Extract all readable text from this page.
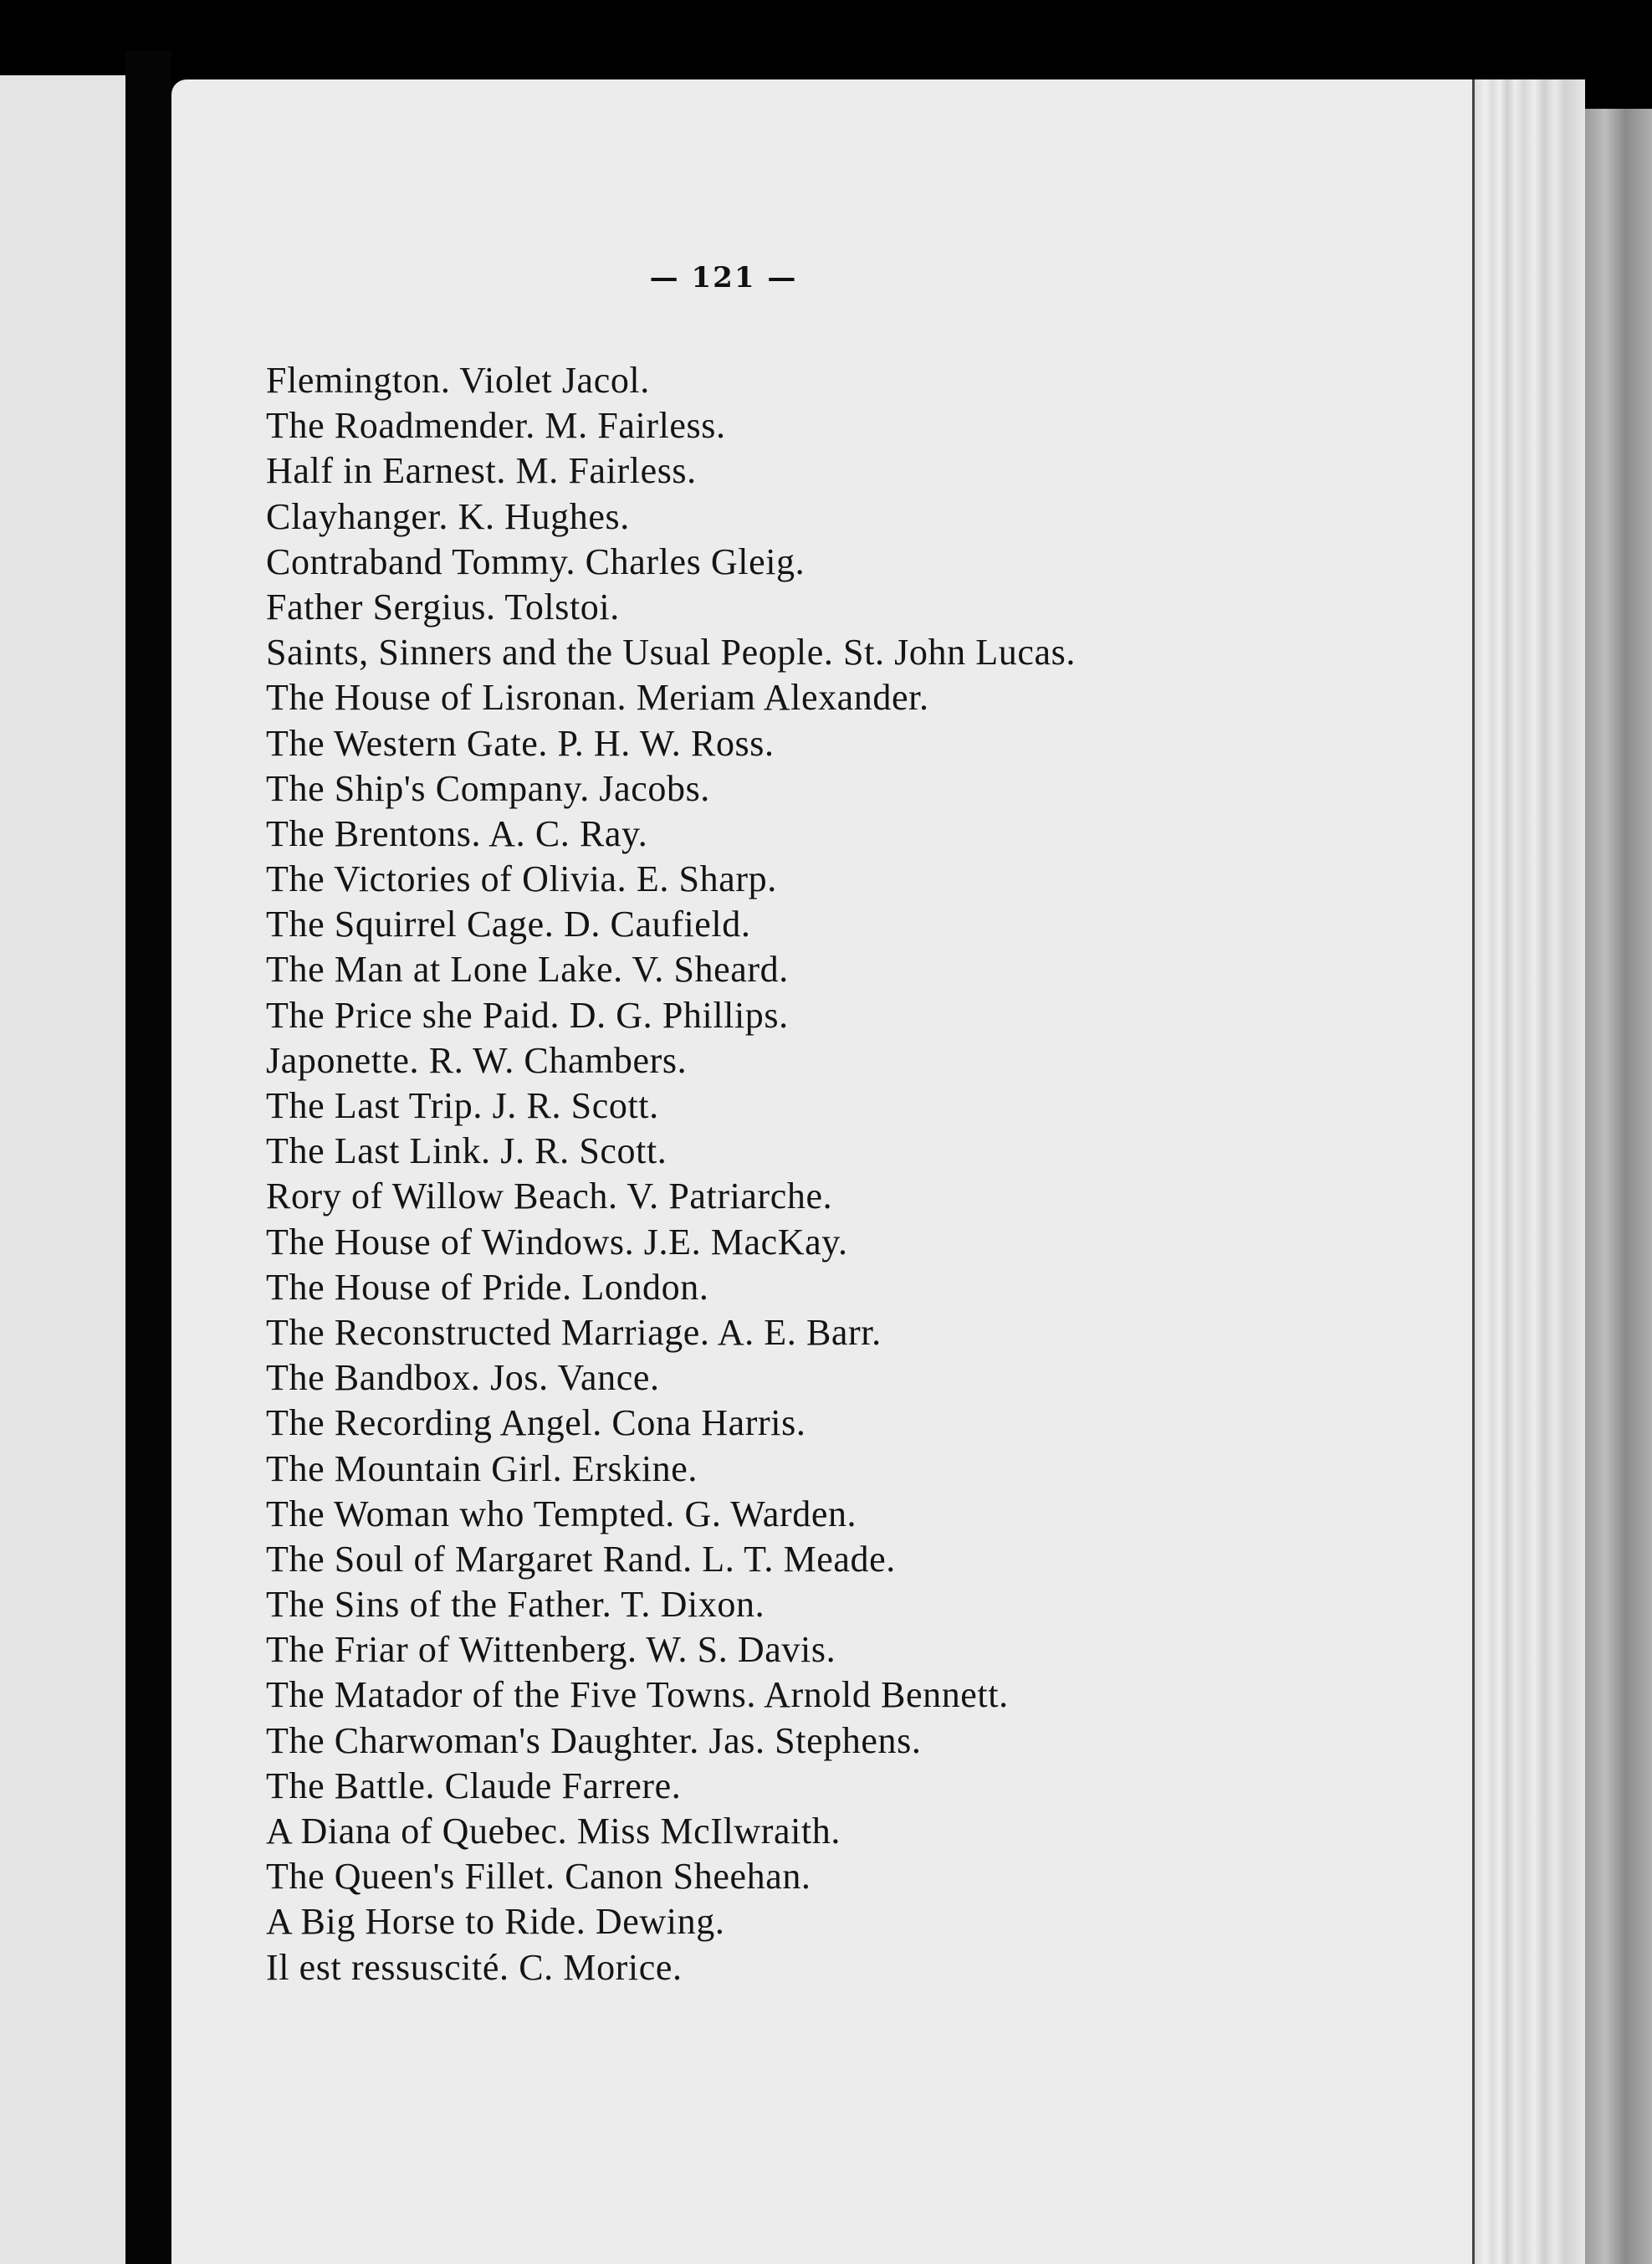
— 121 —
Flemington. Violet Jacol.
The Roadmender. M. Fairless.
Half in Earnest. M. Fairless.
Clayhanger. K. Hughes.
Contraband Tommy. Charles Gleig.
Father Sergius. Tolstoi.
Saints, Sinners and the Usual People. St. John Lucas.
The House of Lisronan. Meriam Alexander.
The Western Gate. P. H. W. Ross.
The Ship's Company. Jacobs.
The Brentons. A. C. Ray.
The Victories of Olivia. E. Sharp.
The Squirrel Cage. D. Caufield.
The Man at Lone Lake. V. Sheard.
The Price she Paid. D. G. Phillips.
Japonette. R. W. Chambers.
The Last Trip. J. R. Scott.
The Last Link. J. R. Scott.
Rory of Willow Beach. V. Patriarche.
The House of Windows. J.E. MacKay.
The House of Pride. London.
The Reconstructed Marriage. A. E. Barr.
The Bandbox. Jos. Vance.
The Recording Angel. Cona Harris.
The Mountain Girl. Erskine.
The Woman who Tempted. G. Warden.
The Soul of Margaret Rand. L. T. Meade.
The Sins of the Father. T. Dixon.
The Friar of Wittenberg. W. S. Davis.
The Matador of the Five Towns. Arnold Bennett.
The Charwoman's Daughter. Jas. Stephens.
The Battle. Claude Farrere.
A Diana of Quebec. Miss McIlwraith.
The Queen's Fillet. Canon Sheehan.
A Big Horse to Ride. Dewing.
Il est ressuscité. C. Morice.
